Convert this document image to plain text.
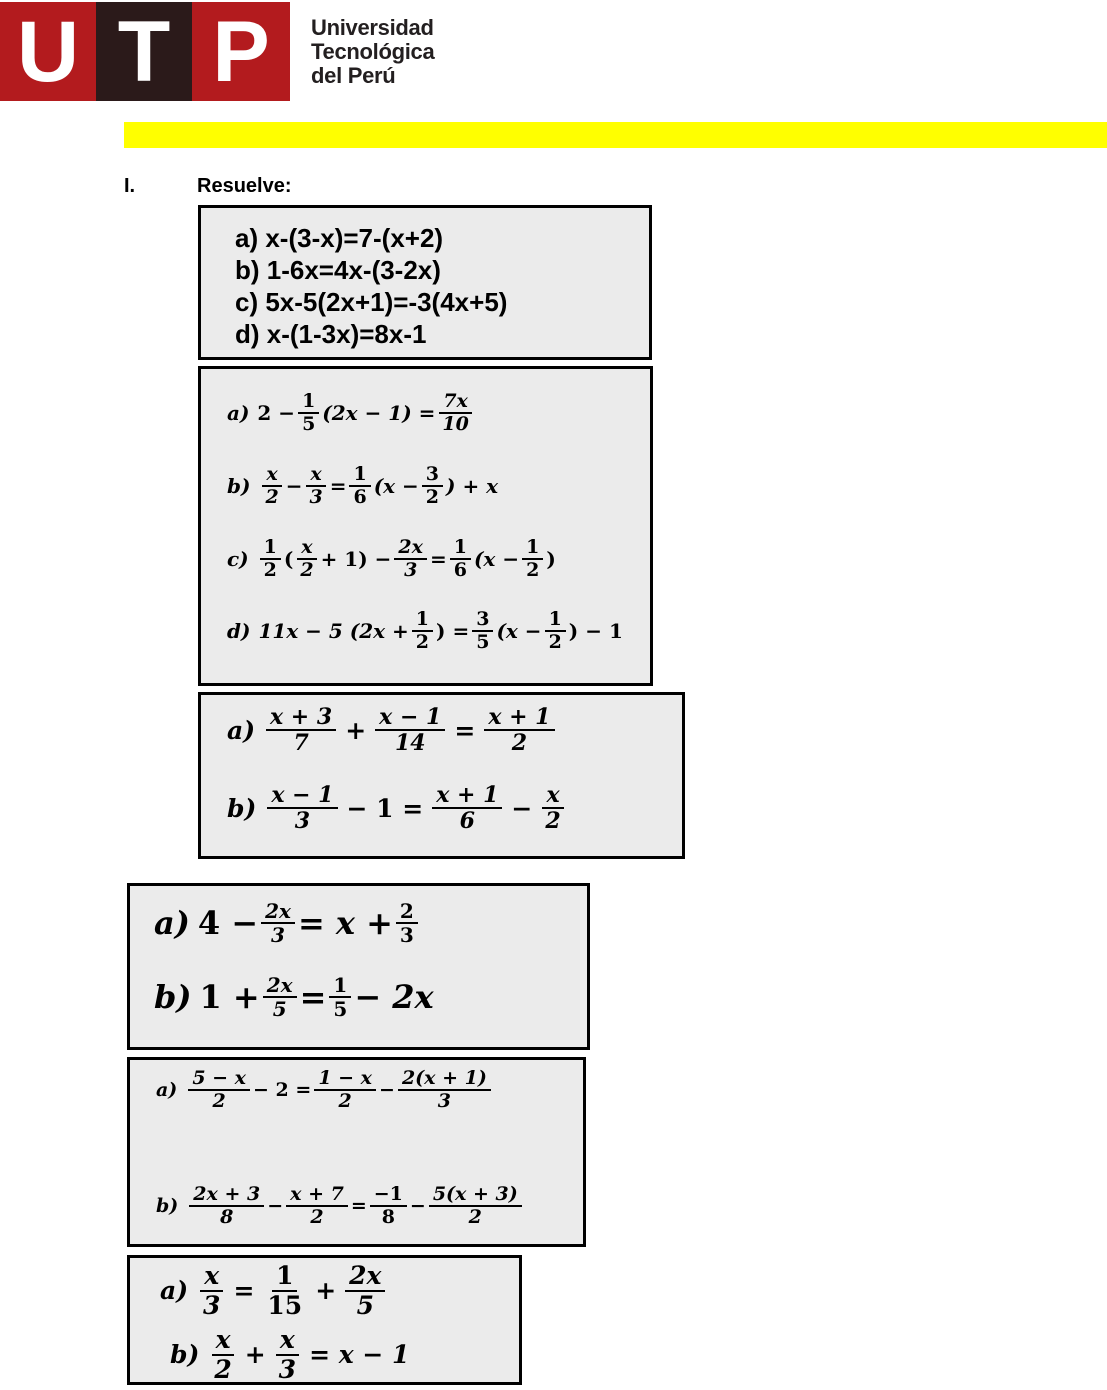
U T P	Universidad
Tecnológica
del Perú
I.	Resuelve:
a) x-(3-x)=7-(x+2)
b) 1-6x=4x-(3-2x)
c) 5x-5(2x+1)=-3(4x+5)
d) x-(1-3x)=8x-1
a) $2 - \frac{1}{5} (2x - 1) = \frac{7x}{10}$
$b) \frac{x}{2} - \frac{x}{3} = \frac{1}{6} (x - \frac{3}{2}$ ) + x
$c) \frac{1}{2}$ ( $\frac{x}{2} + 1) - \frac{2x}{3} = \frac{1}{6} (x - \frac{1}{2}$ )
d) 11x − 5 ($2x + \frac{1}{2}$ ) = $\frac{3}{5} (x - \frac{1}{2}$ ) − 1
$a) \frac{x + 3}{7} + \frac{x - 1}{14} = \frac{x + 1}{2}$
$b) \frac{x - 1}{3} - 1 = \frac{x + 1}{6} - \frac{x}{2}$
a) $4 - \frac{2x}{3} = x + \frac{2}{3}$
b) $1 + \frac{2x}{5} = \frac{1}{5} - 2x$
$a) \frac{5 - x}{2} - 2 = \frac{1 - x}{2} - \frac{2(x + 1)}{3}$
$b) \frac{2x + 3}{8} - \frac{x + 7}{2} = \frac{-1}{8} - \frac{5(x + 3)}{2}$
$a) \frac{x}{3} = \frac{1}{15} + \frac{2x}{5}$
$b) \frac{x}{2} + \frac{x}{3} = x - 1$
